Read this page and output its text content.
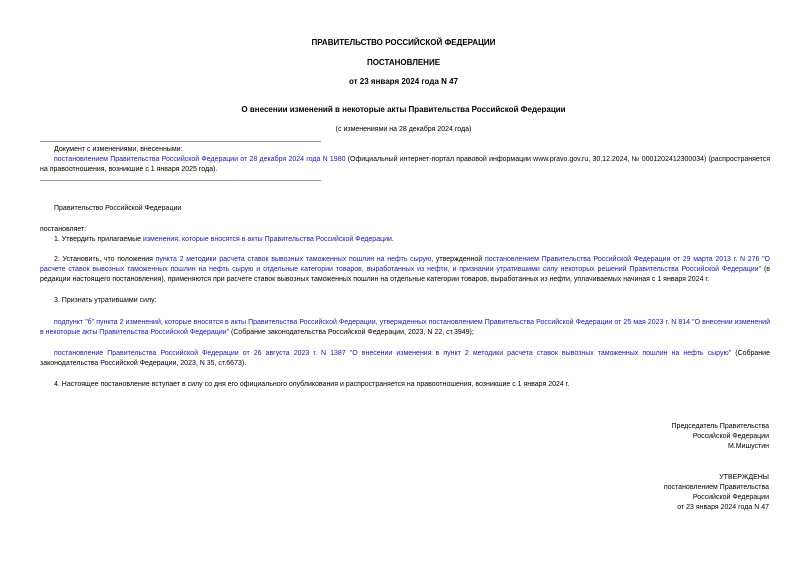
ПРАВИТЕЛЬСТВО РОССИЙСКОЙ ФЕДЕРАЦИИ
ПОСТАНОВЛЕНИЕ
от 23 января 2024 года N 47
О внесении изменений в некоторые акты Правительства Российской Федерации
(с изменениями на 28 декабря 2024 года)
Документ с изменениями, внесенными:
постановлением Правительства Российской Федерации от 28 декабря 2024 года N 1980 (Официальный интернет-портал правовой информации www.pravo.gov.ru, 30.12.2024, № 0001202412300034) (распространяется на правоотношения, возникшие с 1 января 2025 года).
Правительство Российской Федерации
постановляет:
1. Утвердить прилагаемые изменения, которые вносятся в акты Правительства Российской Федерации.
2. Установить, что положения пункта 2 методики расчета ставок вывозных таможенных пошлин на нефть сырую, утвержденной постановлением Правительства Российской Федерации от 29 марта 2013 г. N 276 "О расчете ставок вывозных таможенных пошлин на нефть сырую и отдельные категории товаров, выработанных из нефти, и признании утратившими силу некоторых решений Правительства Российской Федерации" (в редакции настоящего постановления), применяются при расчете ставок вывозных таможенных пошлин на отдельные категории товаров, выработанных из нефти, уплачиваемых начиная с 1 января 2024 г.
3. Признать утратившими силу:
подпункт "б" пункта 2 изменений, которые вносятся в акты Правительства Российской Федерации, утвержденных постановлением Правительства Российской Федерации от 25 мая 2023 г. N 814 "О внесении изменений в некоторые акты Правительства Российской Федерации" (Собрание законодательства Российской Федерации, 2023, N 22, ст.3949);
постановление Правительства Российской Федерации от 26 августа 2023 г. N 1387 "О внесении изменения в пункт 2 методики расчета ставок вывозных таможенных пошлин на нефть сырую" (Собрание законодательства Российской Федерации, 2023, N 35, ст.6673).
4. Настоящее постановление вступает в силу со дня его официального опубликования и распространяется на правоотношения, возникшие с 1 января 2024 г.
Председатель Правительства
Российской Федерации
М.Мишустин
УТВЕРЖДЕНЫ
постановлением Правительства
Российской Федерации
от 23 января 2024 года N 47
